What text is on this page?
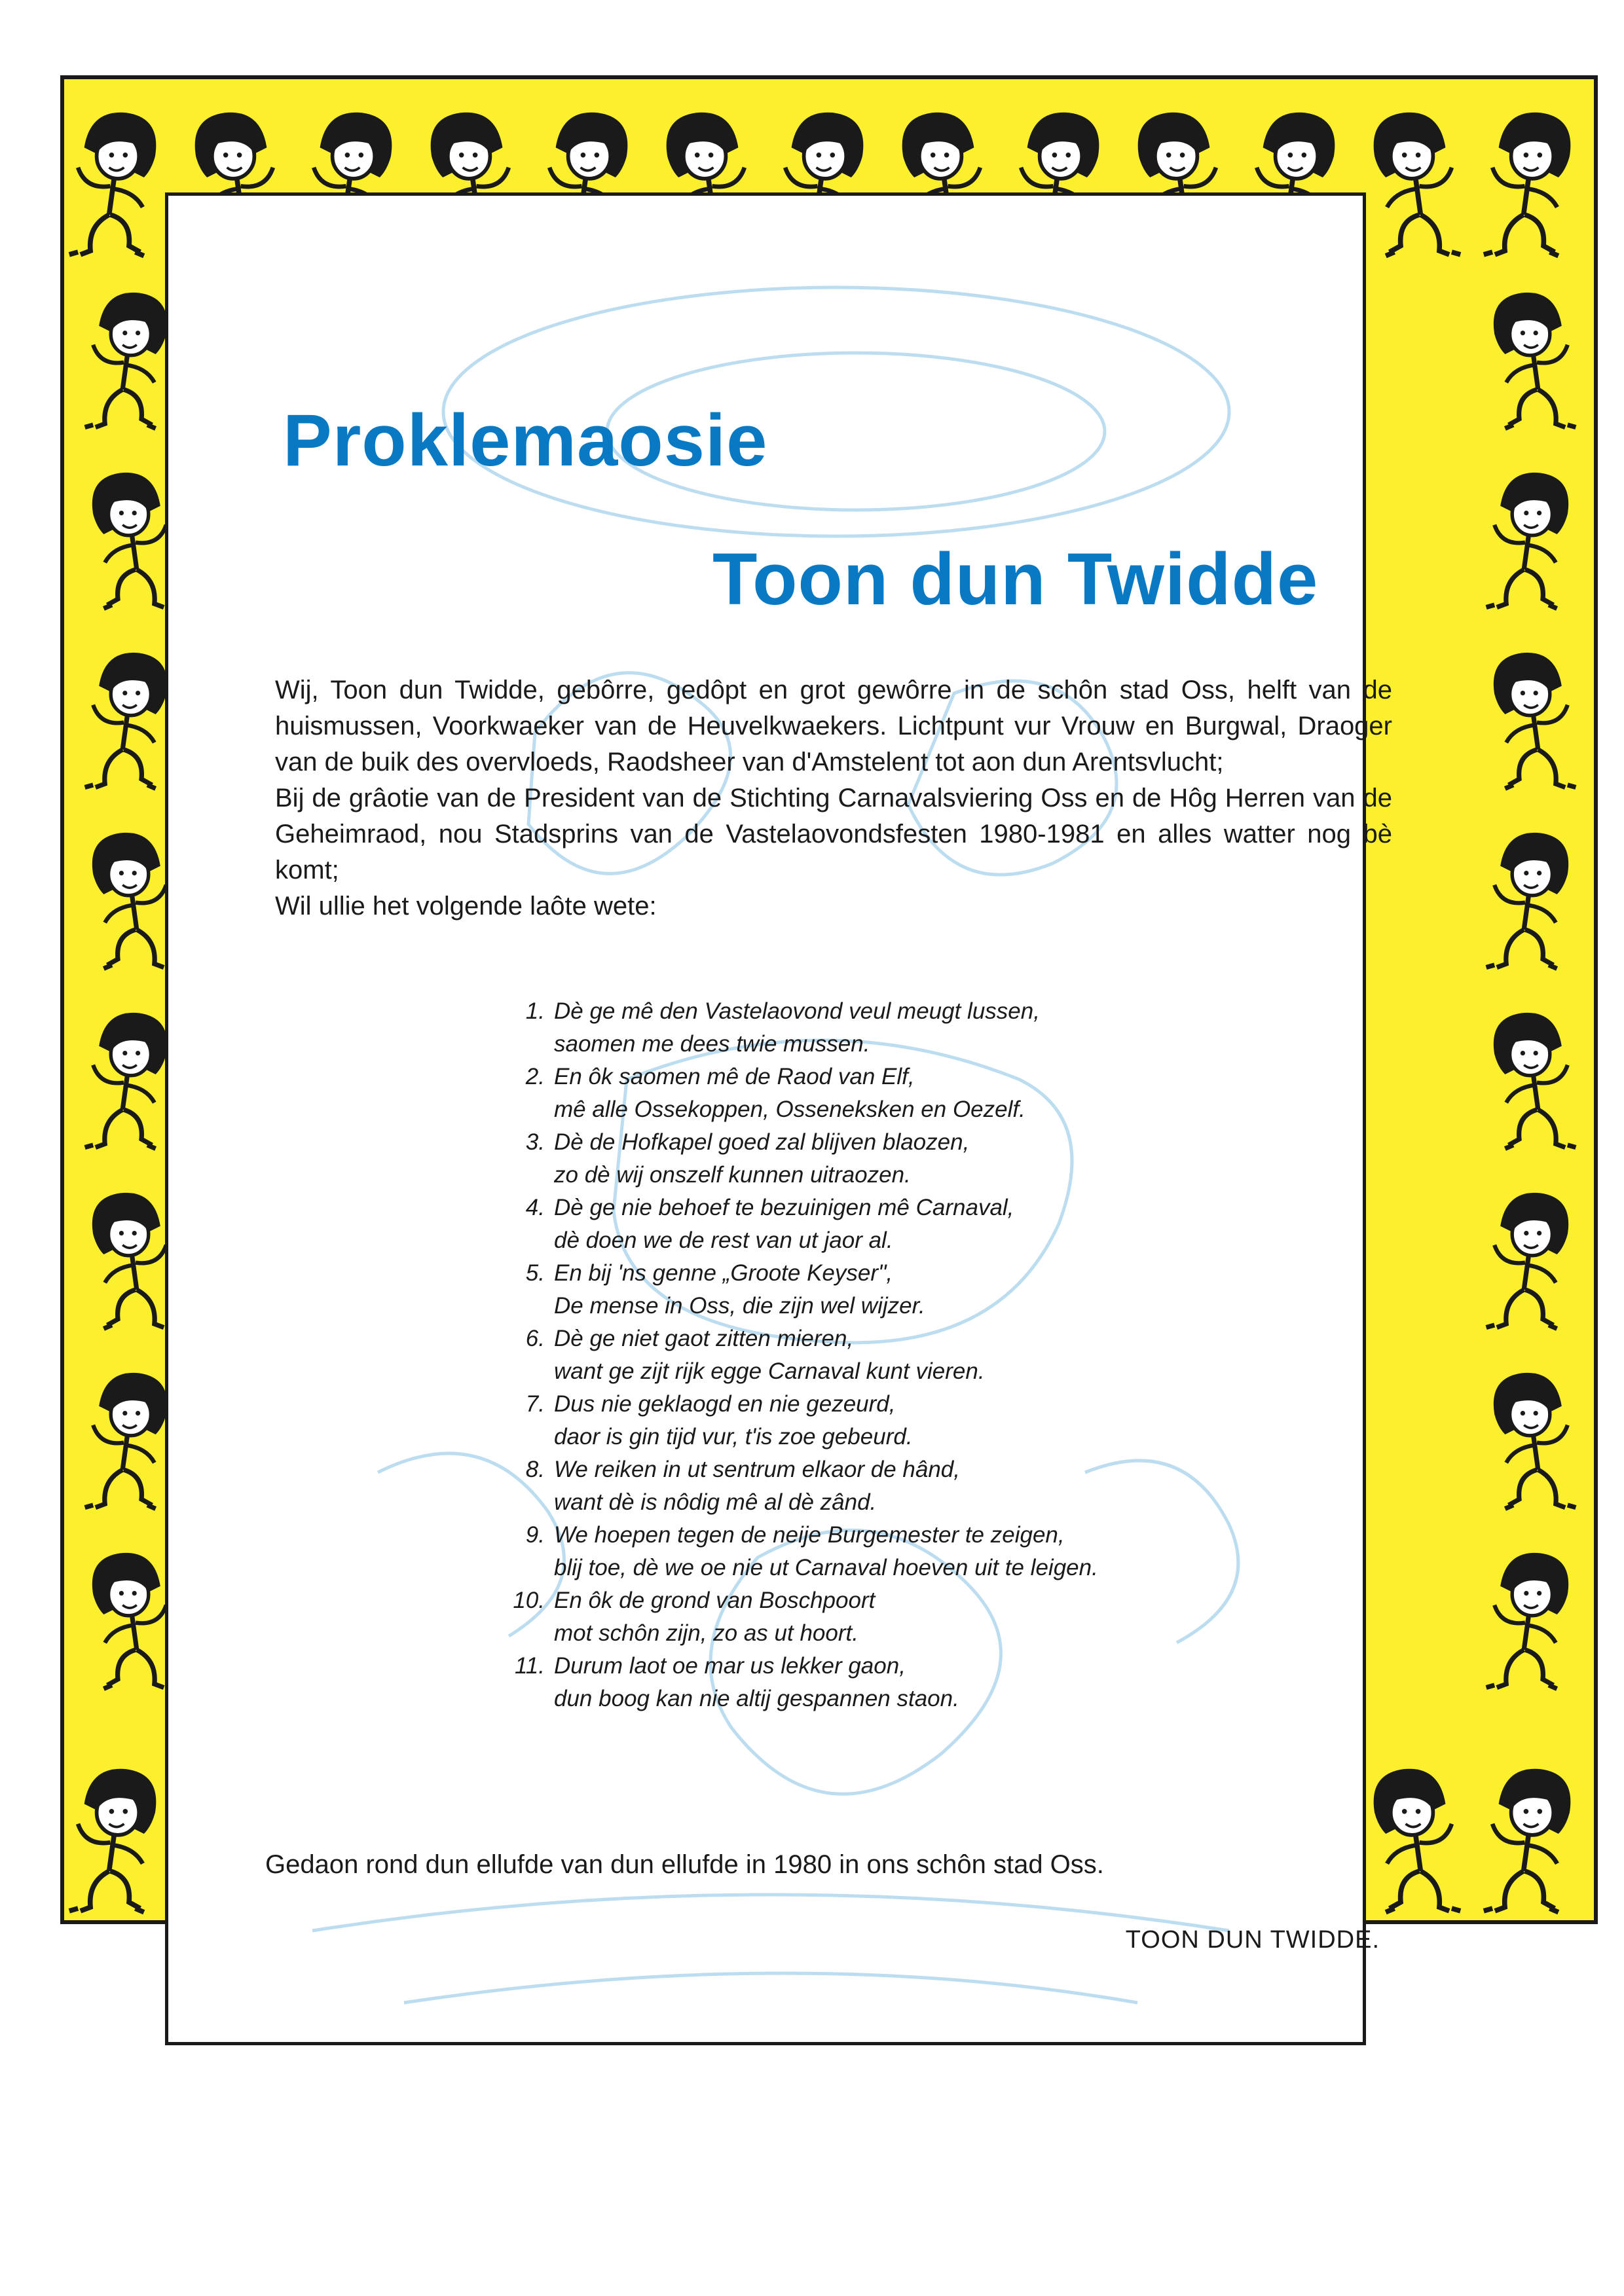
Proklemaosie
Toon dun Twidde

Wij, Toon dun Twidde, gebôrre, gedôpt en grot gewôrre in de schôn stad Oss, helft van de huismussen, Voorkwaeker van de Heuvelkwaekers. Lichtpunt vur Vrouw en Burgwal, Draoger van de buik des overvloeds, Raodsheer van d'Amstelent tot aon dun Arentsvlucht;

Bij de grâotie van de President van de Stichting Carnavalsviering Oss en de Hôg Herren van de Geheimraod, nou Stadsprins van de Vastelaovondsfesten 1980-1981 en alles watter nog bè komt;

Wil ullie het volgende laôte wete:

1. Dè ge mê den Vastelaovond veul meugt lussen,
saomen me dees twie mussen.
2. En ôk saomen mê de Raod van Elf,
mê alle Ossekoppen, Osseneksken en Oezelf.
3. Dè de Hofkapel goed zal blijven blaozen,
zo dè wij onszelf kunnen uitraozen.
4. Dè ge nie behoef te bezuinigen mê Carnaval,
dè doen we de rest van ut jaor al.
5. En bij 'ns genne „Groote Keyser",
De mense in Oss, die zijn wel wijzer.
6. Dè ge niet gaot zitten mieren,
want ge zijt rijk egge Carnaval kunt vieren.
7. Dus nie geklaogd en nie gezeurd,
daor is gin tijd vur, t'is zoe gebeurd.
8. We reiken in ut sentrum elkaor de hând,
want dè is nôdig mê al dè zând.
9. We hoepen tegen de neije Burgemester te zeigen,
blij toe, dè we oe nie ut Carnaval hoeven uit te leigen.
10. En ôk de grond van Boschpoort
mot schôn zijn, zo as ut hoort.
11. Durum laot oe mar us lekker gaon,
dun boog kan nie altij gespannen staon.
Gedaon rond dun ellufde van dun ellufde in 1980 in ons schôn stad Oss.
TOON DUN TWIDDE.
